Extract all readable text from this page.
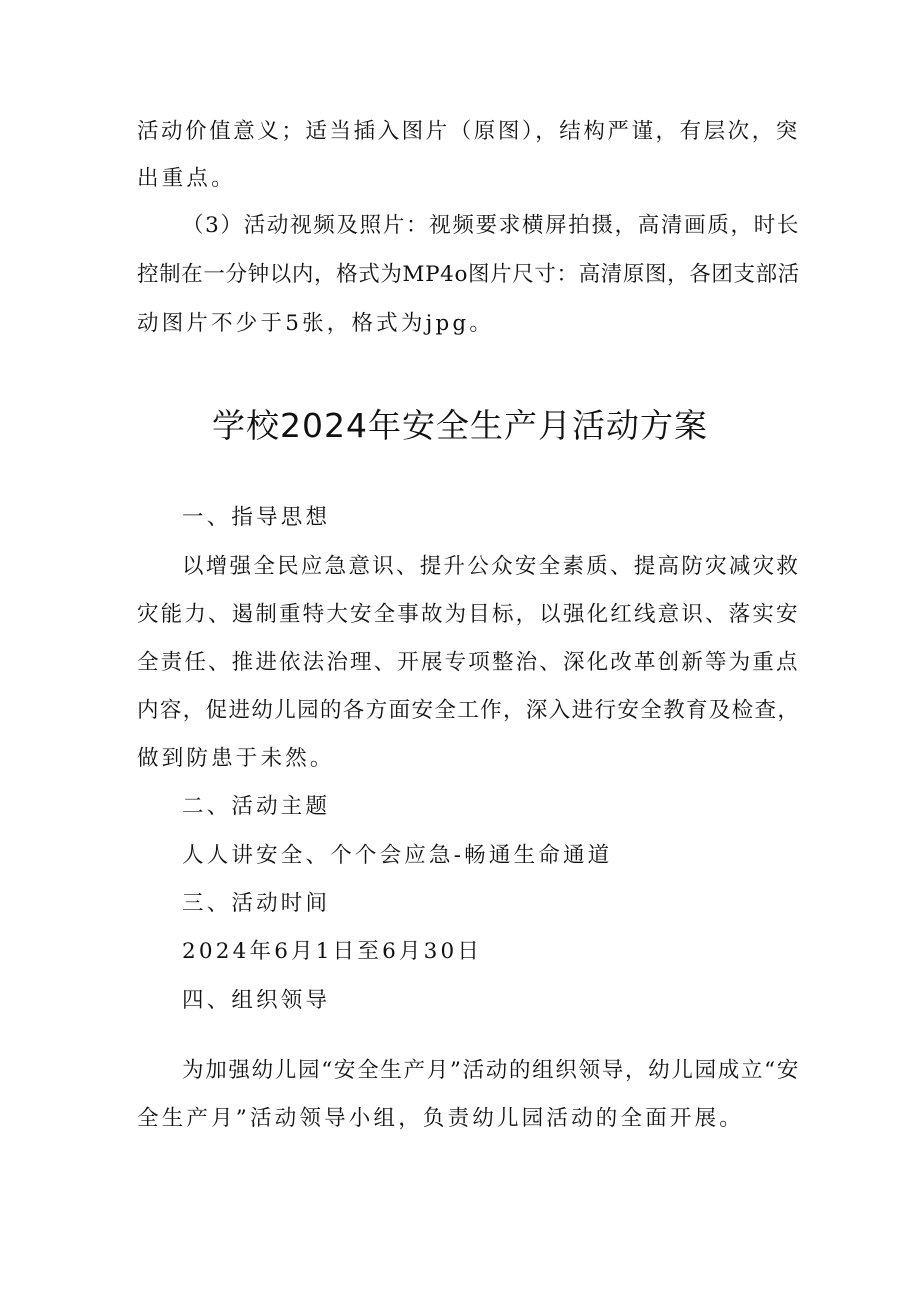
活动价值意义；适当插入图片（原图），结构严谨，有层次，突
出重点。
（3）活动视频及照片：视频要求横屏拍摄，高清画质，时长
控制在一分钟以内，格式为MP4o图片尺寸：高清原图，各团支部活
动图片不少于5张，格式为jpg。
学校2024年安全生产月活动方案
一、指导思想
以增强全民应急意识、提升公众安全素质、提高防灾减灾救
灾能力、遏制重特大安全事故为目标，以强化红线意识、落实安
全责任、推进依法治理、开展专项整治、深化改革创新等为重点
内容，促进幼儿园的各方面安全工作，深入进行安全教育及检查，
做到防患于未然。
二、活动主题
人人讲安全、个个会应急-畅通生命通道
三、活动时间
2024年6月1日至6月30日
四、组织领导
为加强幼儿园“安全生产月”活动的组织领导，幼儿园成立“安
全生产月”活动领导小组，负责幼儿园活动的全面开展。
